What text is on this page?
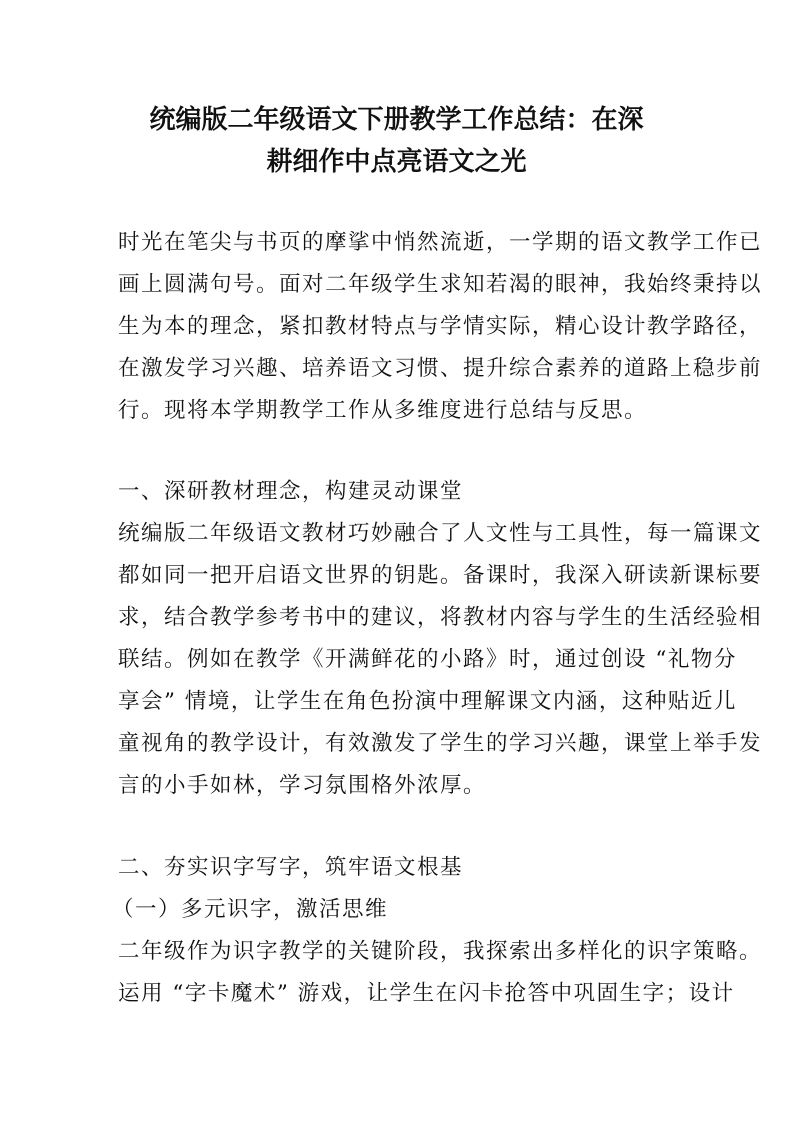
统编版二年级语文下册教学工作总结：在深
耕细作中点亮语文之光
时光在笔尖与书页的摩挲中悄然流逝，一学期的语文教学工作已
画上圆满句号。面对二年级学生求知若渴的眼神，我始终秉持以
生为本的理念，紧扣教材特点与学情实际，精心设计教学路径，
在激发学习兴趣、培养语文习惯、提升综合素养的道路上稳步前
行。现将本学期教学工作从多维度进行总结与反思。
一、深研教材理念，构建灵动课堂
统编版二年级语文教材巧妙融合了人文性与工具性，每一篇课文
都如同一把开启语文世界的钥匙。备课时，我深入研读新课标要
求，结合教学参考书中的建议，将教材内容与学生的生活经验相
联结。例如在教学《开满鲜花的小路》时，通过创设 “礼物分
享会” 情境，让学生在角色扮演中理解课文内涵，这种贴近儿
童视角的教学设计，有效激发了学生的学习兴趣，课堂上举手发
言的小手如林，学习氛围格外浓厚。
二、夯实识字写字，筑牢语文根基
（一）多元识字，激活思维
二年级作为识字教学的关键阶段，我探索出多样化的识字策略。
运用 “字卡魔术” 游戏，让学生在闪卡抢答中巩固生字；设计
